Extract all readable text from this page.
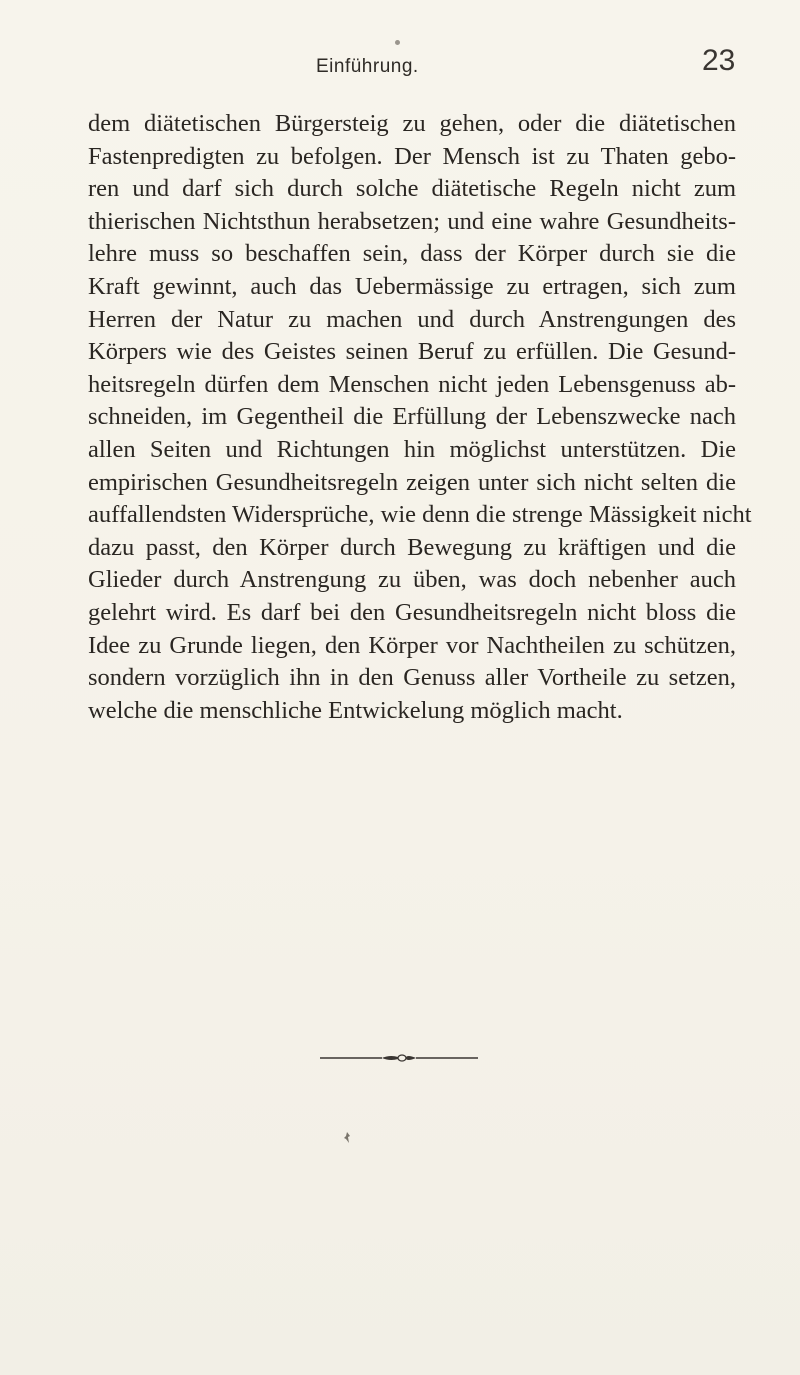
Einführung.	23
dem diätetischen Bürgersteig zu gehen, oder die diätetischen
Fastenpredigten zu befolgen. Der Mensch ist zu Thaten gebo-
ren und darf sich durch solche diätetische Regeln nicht zum
thierischen Nichtsthun herabsetzen; und eine wahre Gesundheits-
lehre muss so beschaffen sein, dass der Körper durch sie die
Kraft gewinnt, auch das Uebermässige zu ertragen, sich zum
Herren der Natur zu machen und durch Anstrengungen des
Körpers wie des Geistes seinen Beruf zu erfüllen. Die Gesund-
heitsregeln dürfen dem Menschen nicht jeden Lebensgenuss ab-
schneiden, im Gegentheil die Erfüllung der Lebenszwecke nach
allen Seiten und Richtungen hin möglichst unterstützen. Die
empirischen Gesundheitsregeln zeigen unter sich nicht selten die
auffallendsten Widersprüche, wie denn die strenge Mässigkeit nicht
dazu passt, den Körper durch Bewegung zu kräftigen und die
Glieder durch Anstrengung zu üben, was doch nebenher auch
gelehrt wird. Es darf bei den Gesundheitsregeln nicht bloss die
Idee zu Grunde liegen, den Körper vor Nachtheilen zu schützen,
sondern vorzüglich ihn in den Genuss aller Vortheile zu setzen,
welche die menschliche Entwickelung möglich macht.
